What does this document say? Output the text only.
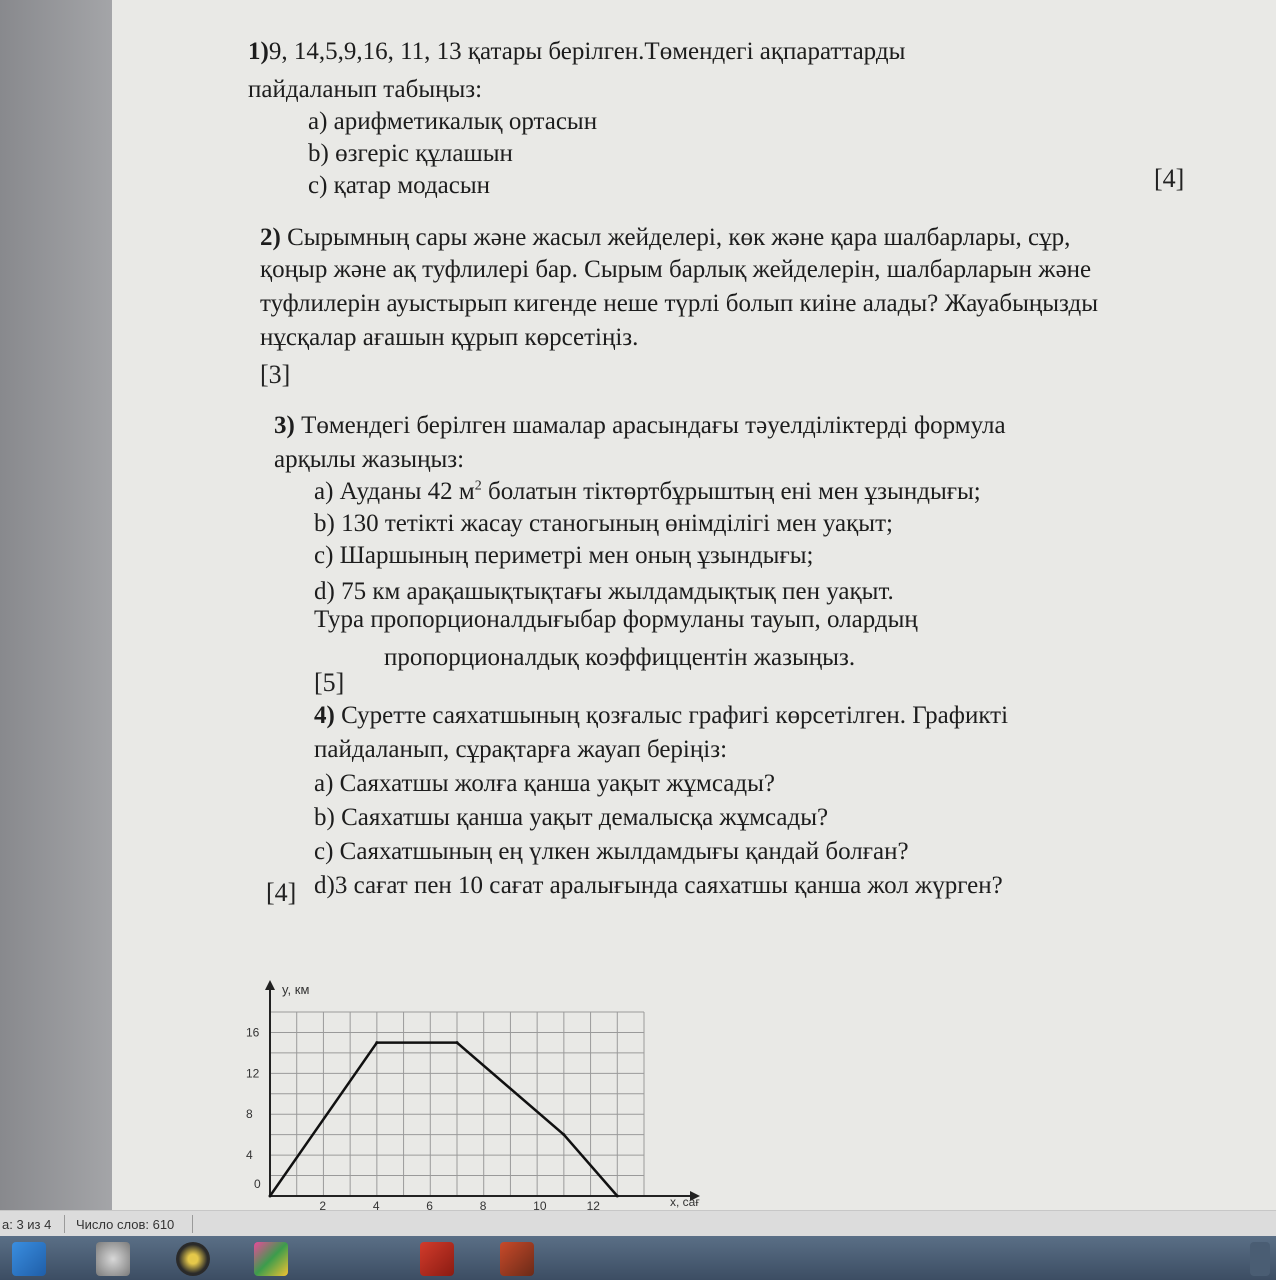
1)9, 14,5,9,16, 11, 13 қатары берілген.Төмендегі ақпараттарды
пайдаланып табыңыз:
a) арифметикалық ортасын
b) өзгеріс құлашын
c) қатар модасын	[4]
2) Сырымның сары және жасыл жейделері, көк және қара шалбарлары, сұр,
қоңыр және ақ туфлилері бар. Сырым барлық жейделерін, шалбарларын және
туфлилерін ауыстырып кигенде неше түрлі болып киіне алады? Жауабыңызды
нұсқалар ағашын құрып көрсетіңіз.
[3]
3) Төмендегі берілген шамалар арасындағы тәуелділіктерді формула
арқылы жазыңыз:
a) Ауданы 42 $м^2$ болатын тіктөртбұрыштың ені мен ұзындығы;
b) 130 тетікті жасау станогының өнімділігі мен уақыт;
c) Шаршының периметрі мен оның ұзындығы;
d) 75 км арақашықтықтағы жылдамдықтық пен уақыт.
Тура пропорционалдығыбар формуланы тауып, олардың
пропорционалдық коэффиццентін жазыңыз.
[5]
4) Суретте саяхатшының қозғалыс графигі көрсетілген. Графикті
пайдаланып, сұрақтарға жауап беріңіз:
a) Саяхатшы жолға қанша уақыт жұмсады?
b) Саяхатшы қанша уақыт демалысқа жұмсады?
c) Саяхатшының ең үлкен жылдамдығы қандай болған?
d)3 сағат пен 10 сағат аралығында саяхатшы қанша жол жүрген?
[4]
0
2	4	6	8	10	12
4
8
12
16
y, км
x, сағ
а: 3 из 4 Число слов: 610
